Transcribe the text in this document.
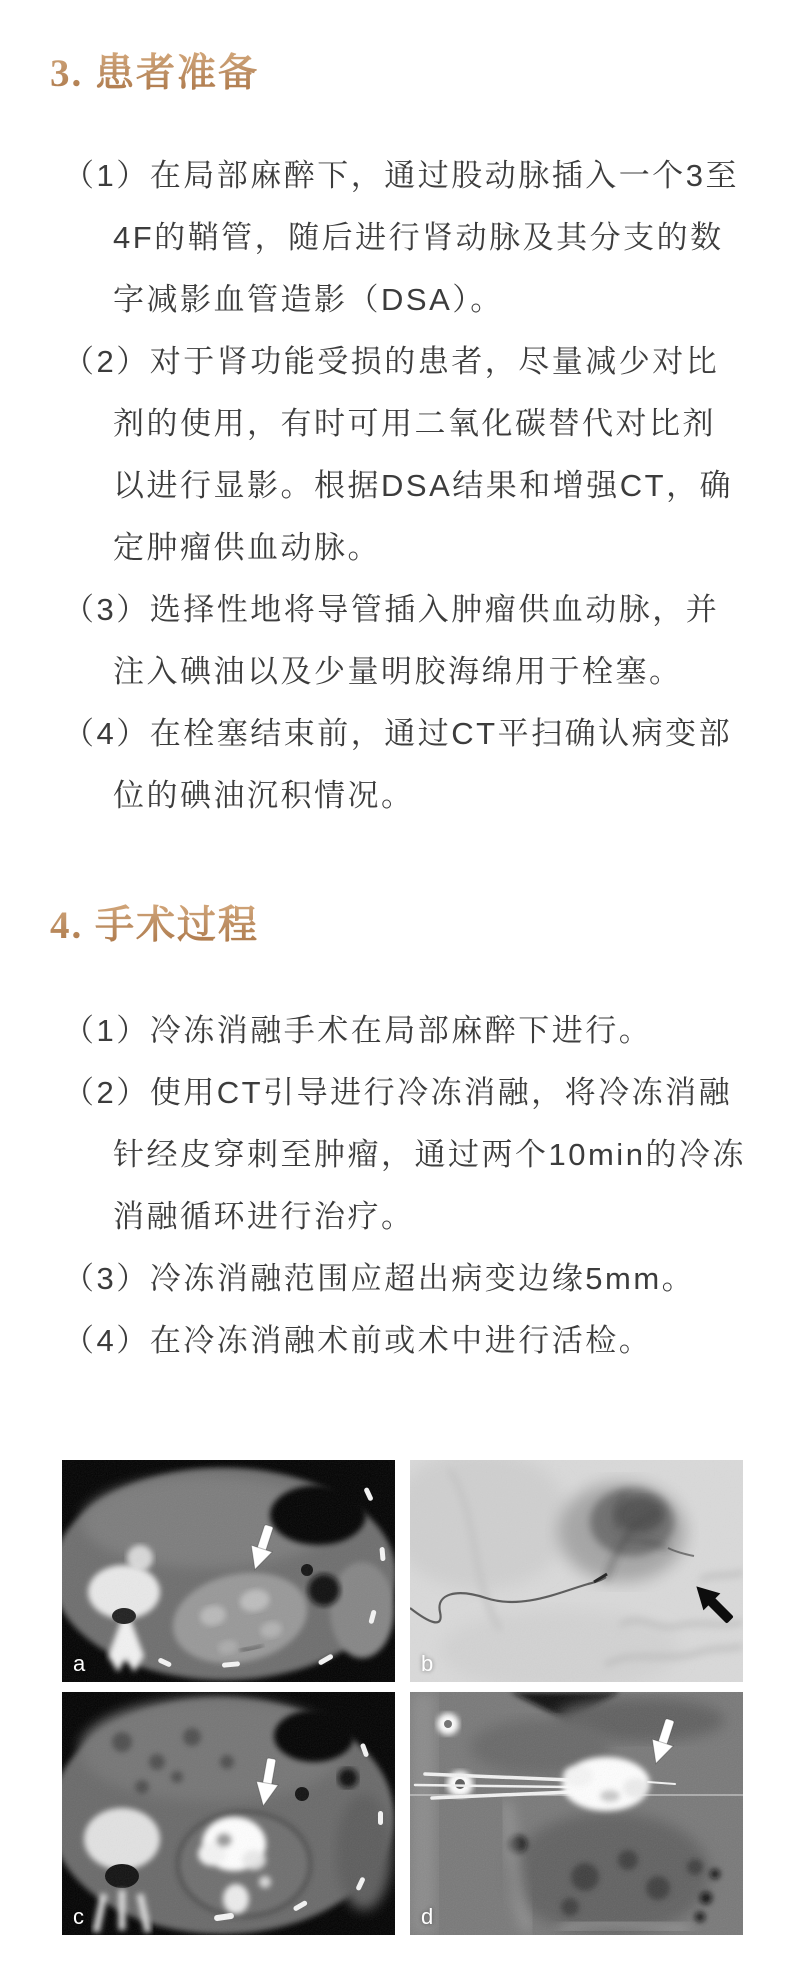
3. 患者准备

（1）在局部麻醉下，通过股动脉插入一个3至4F的鞘管，随后进行肾动脉及其分支的数字减影血管造影（DSA）。

（2）对于肾功能受损的患者，尽量减少对比剂的使用，有时可用二氧化碳替代对比剂以进行显影。根据DSA结果和增强CT，确定肿瘤供血动脉。

（3）选择性地将导管插入肿瘤供血动脉，并注入碘油以及少量明胶海绵用于栓塞。

（4）在栓塞结束前，通过CT平扫确认病变部位的碘油沉积情况。

4. 手术过程

（1）冷冻消融手术在局部麻醉下进行。

（2）使用CT引导进行冷冻消融，将冷冻消融针经皮穿刺至肿瘤，通过两个10min的冷冻消融循环进行治疗。

（3）冷冻消融范围应超出病变边缘5mm。

（4）在冷冻消融术前或术中进行活检。

a	b
c	d
